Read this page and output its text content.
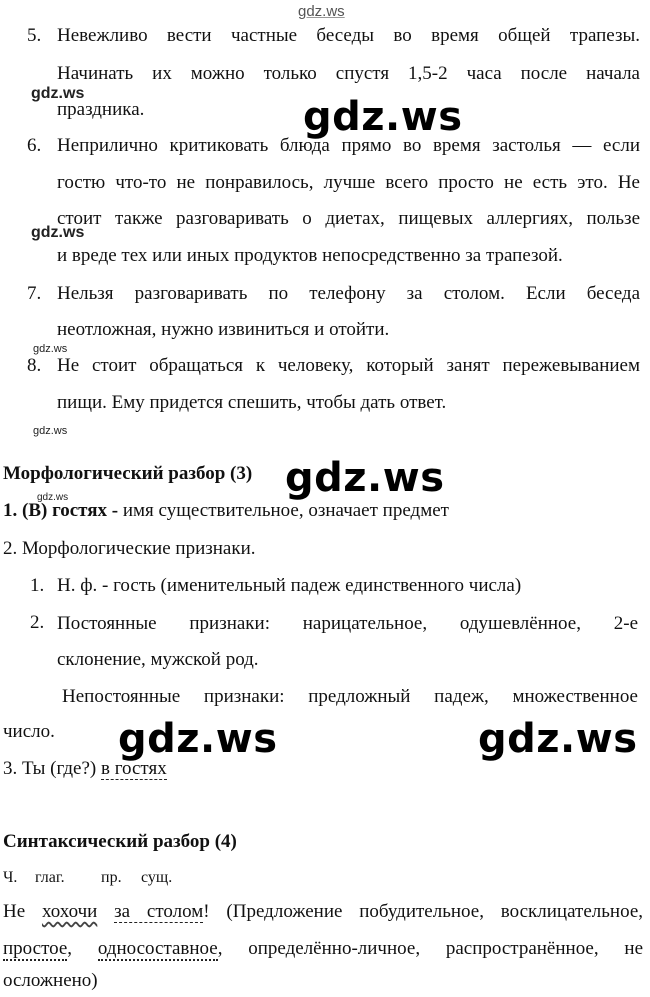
gdz.ws
5. Невежливо вести частные беседы во время общей трапезы.
Начинать их можно только спустя 1,5-2 часа после начала
праздника.
6. Неприлично критиковать блюда прямо во время застолья — если
гостю что-то не понравилось, лучше всего просто не есть это. Не
стоит также разговаривать о диетах, пищевых аллергиях, пользе
и вреде тех или иных продуктов непосредственно за трапезой.
7. Нельзя разговаривать по телефону за столом. Если беседа
неотложная, нужно извиниться и отойти.
8. Не стоит обращаться к человеку, который занят пережевыванием
пищи. Ему придется спешить, чтобы дать ответ.
Морфологический разбор (3)
1. (В) гостях - имя существительное, означает предмет
2. Морфологические признаки.
1. Н. ф. - гость (именительный падеж единственного числа)
2. Постоянные признаки: нарицательное, одушевлённое, 2-е
склонение, мужской род.
Непостоянные признаки: предложный падеж, множественное
число.
3. Ты (где?) в гостях
Синтаксический разбор (4)
Ч. глаг. пр. сущ.
Не хохочи за столом! (Предложение побудительное, восклицательное,
простое, односоставное, определённо-личное, распространённое, не
осложнено)
gdz.ws
gdz.ws
gdz.ws
gdz.ws
gdz.ws
gdz.ws
gdz.ws
gdz.ws	gdz.ws
